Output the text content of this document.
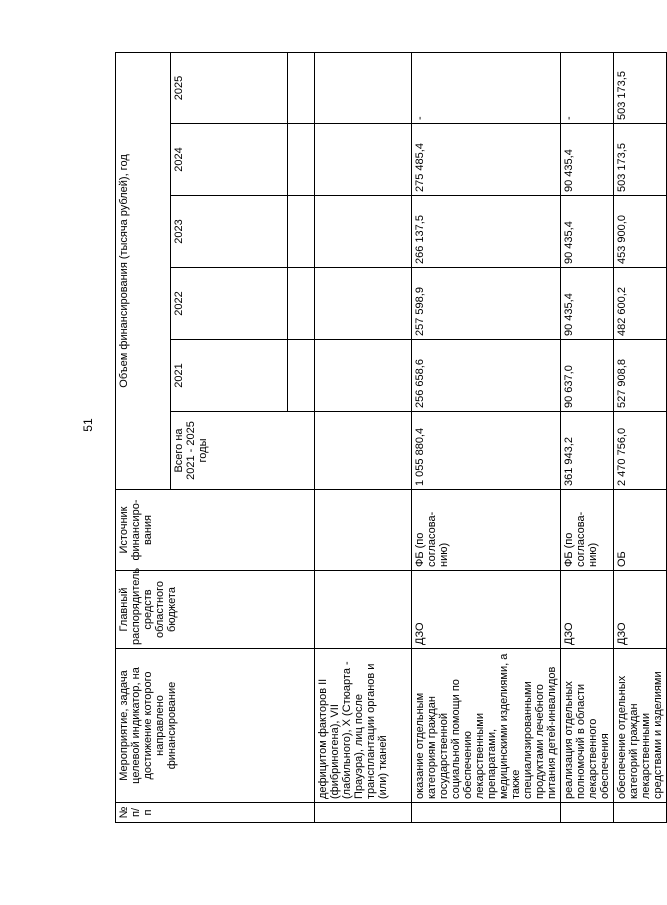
51
№ п/п	Мероприятие, задача целевой индикатор, на достижение которого направлено финансирование	Главный распорядитель средств областного бюджета	Источник финансиро-вания	Объем финансирования (тысяча рублей), год					
				Всего на 2021 - 2025 годы	2021	2022	2023	2024	2025

	дефицитом факторов II (фибриногена), VII (лабильного), X (Стюарта - Прауэра), лиц после трансплантации органов и (или) тканей								
	оказание отдельным категориям граждан государственной социальной помощи по обеспечению лекарственными препаратами, медицинскими изделиями, а также специализированными продуктами лечебного питания детей-инвалидов	ДЗО	ФБ (по согласова-нию)	1 055 880,4	256 658,6	257 598,9	266 137,5	275 485,4	-
	реализация отдельных полномочий в области лекарственного обеспечения	ДЗО	ФБ (по согласова-нию)	361 943,2	90 637,0	90 435,4	90 435,4	90 435,4	-
	обеспечение отдельных категорий граждан лекарственными средствами и изделиями	ДЗО	ОБ	2 470 756,0	527 908,8	482 600,2	453 900,0	503 173,5	503 173,5
